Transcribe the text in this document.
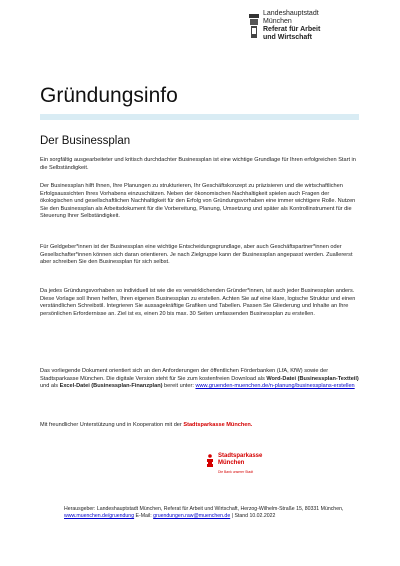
Landeshauptstadt
München
Referat für Arbeit
und Wirtschaft
Gründungsinfo
Der Businessplan

Ein sorgfältig ausgearbeiteter und kritisch durchdachter Businessplan ist eine wichtige Grundlage für Ihren erfolgreichen Start in die Selbständigkeit.

Der Businessplan hilft Ihnen, Ihre Planungen zu strukturieren, Ihr Geschäftskonzept zu präzisieren und die wirtschaftlichen Erfolgsaussichten Ihres Vorhabens einzuschätzen. Neben der ökonomischen Nachhaltigkeit spielen auch Fragen der ökologischen und gesellschaftlichen Nachhaltigkeit für den Erfolg von Gründungsvorhaben eine immer wichtigere Rolle. Nutzen Sie den Businessplan als Arbeitsdokument für die Vorbereitung, Planung, Umsetzung und später als Kontrollinstrument für die Steuerung Ihrer Selbständigkeit.

Für Geldgeber*innen ist der Businessplan eine wichtige Entscheidungsgrundlage, aber auch Geschäftspartner*innen oder Gesellschafter*innen können sich daran orientieren. Je nach Zielgruppe kann der Businessplan angepasst werden. Zuallererst aber schreiben Sie den Businessplan für sich selbst.

Da jedes Gründungsvorhaben so individuell ist wie die es verwirklichenden Gründer*innen, ist auch jeder Businessplan anders. Diese Vorlage soll Ihnen helfen, Ihren eigenen Businessplan zu erstellen. Achten Sie auf eine klare, logische Struktur und einen verständlichen Schreibstil. Integrieren Sie aussagekräftige Grafiken und Tabellen. Passen Sie Gliederung und Inhalte an Ihre persönlichen Erfordernisse an. Ziel ist es, einen 20 bis max. 30 Seiten umfassenden Businessplan zu erstellen.

Das vorliegende Dokument orientiert sich an den Anforderungen der öffentlichen Förderbanken (LfA, KfW) sowie der Stadtsparkasse München. Die digitale Version steht für Sie zum kostenfreien Download als Word-Datei (Businessplan-Textteil) und als Excel-Datei (Businessplan-Finanzplan) bereit unter: www.gruenden-muenchen.de/n-planung/businessplans-erstellen

Mit freundlicher Unterstützung und in Kooperation mit der Stadtsparkasse München.
Stadtsparkasse
München
Die Bank unserer Stadt
Herausgeber: Landeshauptstadt München, Referat für Arbeit und Wirtschaft, Herzog-Wilhelm-Straße 15, 80331 München,
www.muenchen.de/gruendung E-Mail: gruendungen.raw@muenchen.de | Stand 10.02.2022
